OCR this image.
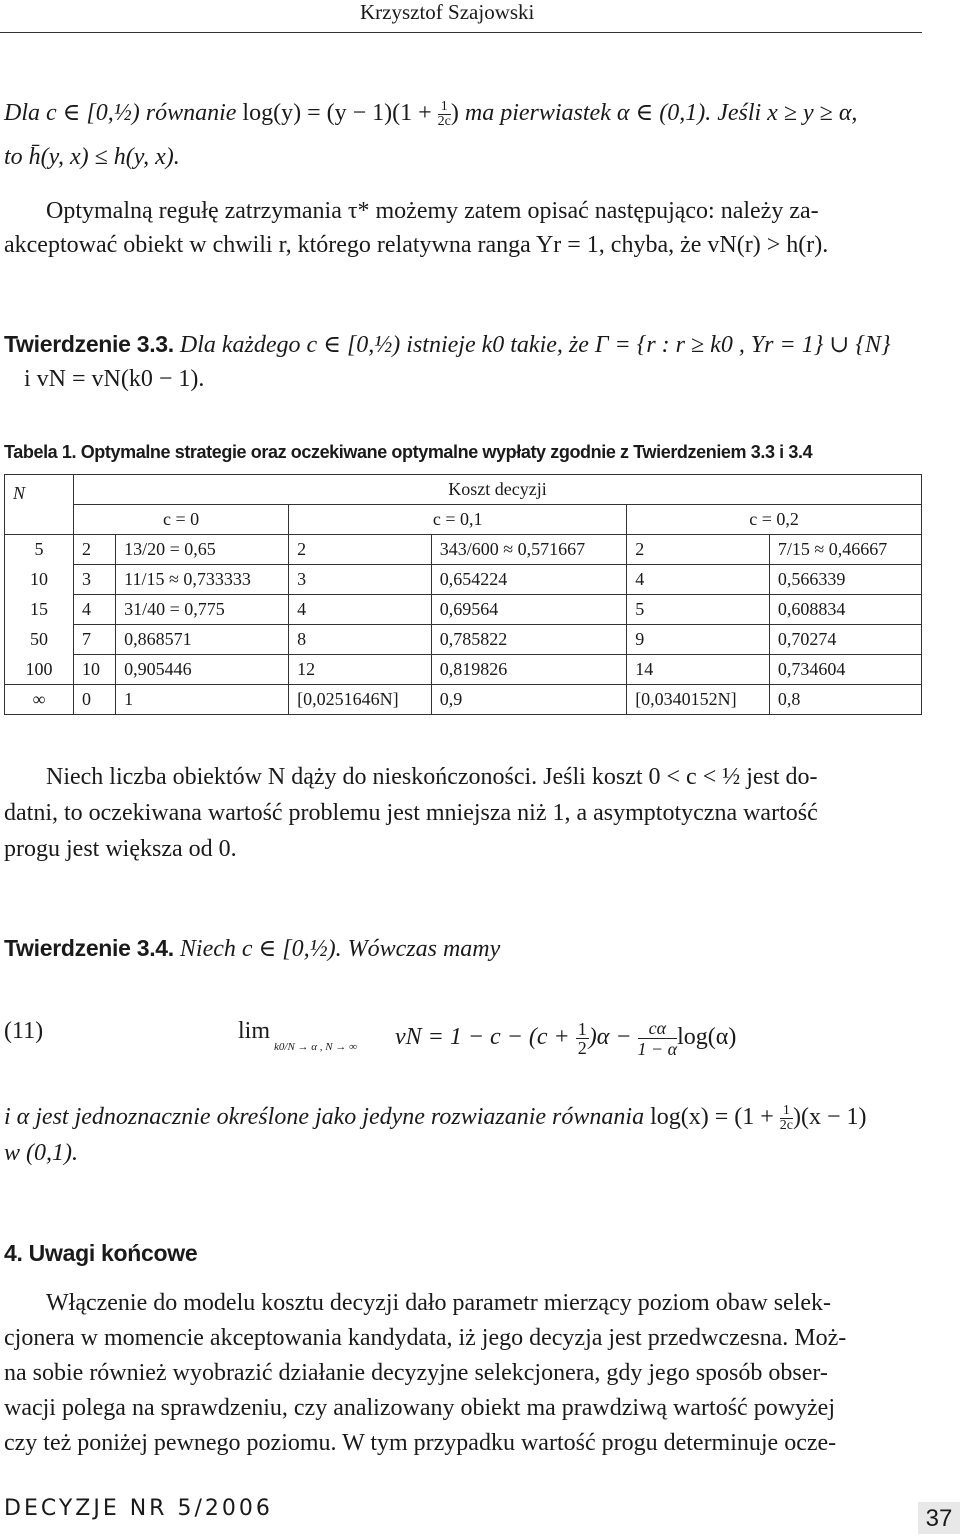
Krzysztof Szajowski
Dla c ∈ [0,½) równanie $\log(y) = (y - 1)(1 + \frac{1}{2c}$ ) ma pierwiastek α ∈ (0,1). Jeśli x ≥ y ≥ α,
to h̄(y, x) ≤ h(y, x).
Optymalną regułę zatrzymania τ* możemy zatem opisać następująco: należy za-
akceptować obiekt w chwili r, którego relatywna ranga Yr = 1, chyba, że vN(r) > h(r).
Twierdzenie 3.3. Dla każdego c ∈ [0,½) istnieje k0 takie, że Γ = {r : r ≥ k0 , Yr = 1} ∪ {N}
i vN = vN(k0 − 1).
Tabela 1. Optymalne strategie oraz oczekiwane optymalne wypłaty zgodnie z Twierdzeniem 3.3 i 3.4
N	Koszt decyzji					
	c = 0		c = 0,1		c = 0,2	
5	2	13/20 = 0,65	2	343/600 ≈ 0,571667	2	7/15 ≈ 0,46667
10	3	11/15 ≈ 0,733333	3	0,654224	4	0,566339
15	4	31/40 = 0,775	4	0,69564	5	0,608834
50	7	0,868571	8	0,785822	9	0,70274
100	10	0,905446	12	0,819826	14	0,734604
∞	0	1	[0,0251646N]	0,9	[0,0340152N]	0,8
Niech liczba obiektów N dąży do nieskończoności. Jeśli koszt 0 < c < ½ jest do-
datni, to oczekiwana wartość problemu jest mniejsza niż 1, a asymptotyczna wartość
progu jest większa od 0.
Twierdzenie 3.4. Niech c ∈ [0,½). Wówczas mamy
(11)	lim
k0/N → α , N → ∞ vN = $1 - c - (c + \frac{1}{2} )\alpha - \frac{c\alpha}{1 - \alpha} \log(\alpha)$
i α jest jednoznacznie określone jako jedyne rozwiazanie równania $\log(x) = (1 + \frac{1}{2c} )(x - 1)$
w (0,1).
4. Uwagi końcowe
Włączenie do modelu kosztu decyzji dało parametr mierzący poziom obaw selek-
cjonera w momencie akceptowania kandydata, iż jego decyzja jest przedwczesna. Moż-
na sobie również wyobrazić działanie decyzyjne selekcjonera, gdy jego sposób obser-
wacji polega na sprawdzeniu, czy analizowany obiekt ma prawdziwą wartość powyżej
czy też poniżej pewnego poziomu. W tym przypadku wartość progu determinuje ocze-
DECYZJE NR 5/2006	37
